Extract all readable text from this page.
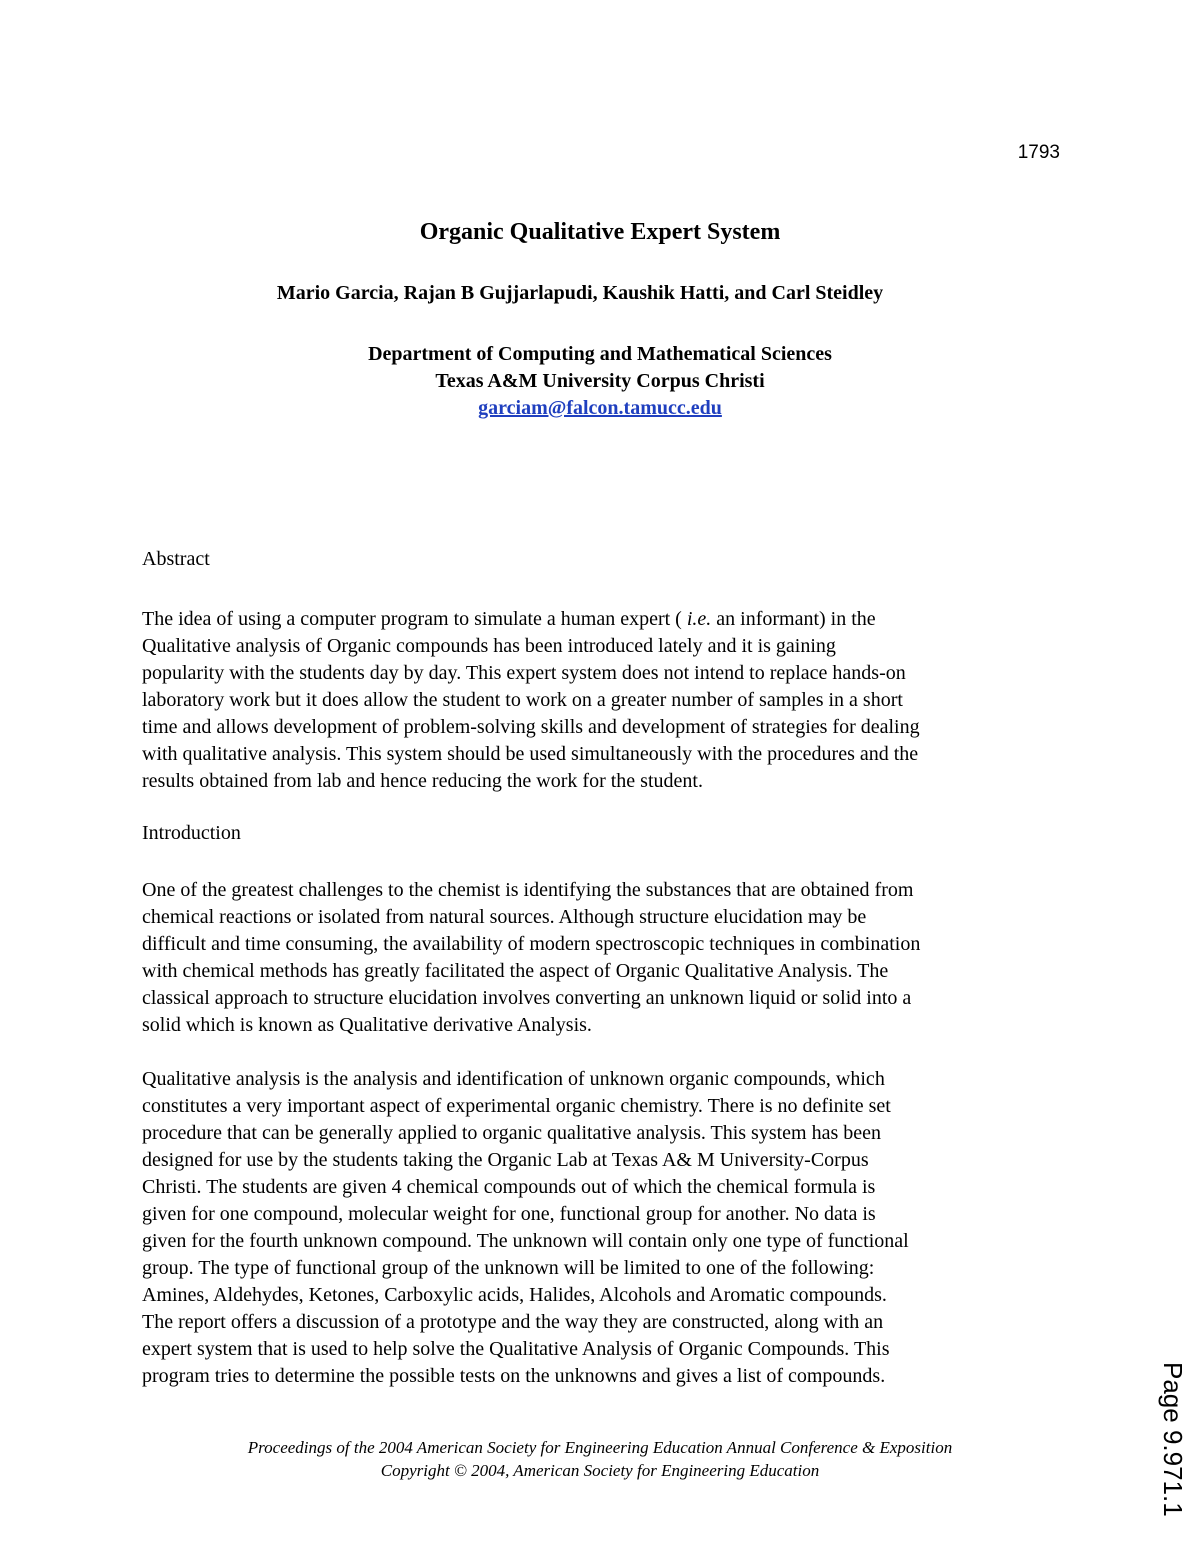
1793
Organic Qualitative Expert System
Mario Garcia, Rajan B Gujjarlapudi, Kaushik Hatti, and Carl Steidley
Department of Computing and Mathematical Sciences
Texas A&M University Corpus Christi
garciam@falcon.tamucc.edu
Abstract
The idea of using a computer program to simulate a human expert ( i.e. an informant) in the
Qualitative analysis of Organic compounds has been introduced lately and it is gaining
popularity with the students day by day. This expert system does not intend to replace hands-on
laboratory work but it does allow the student to work on a greater number of samples in a short
time and allows development of problem-solving skills and development of strategies for dealing
with qualitative analysis. This system should be used simultaneously with the procedures and the
results obtained from lab and hence reducing the work for the student.
Introduction
One of the greatest challenges to the chemist is identifying the substances that are obtained from
chemical reactions or isolated from natural sources. Although structure elucidation may be
difficult and time consuming, the availability of modern spectroscopic techniques in combination
with chemical methods has greatly facilitated the aspect of Organic Qualitative Analysis. The
classical approach to structure elucidation involves converting an unknown liquid or solid into a
solid which is known as Qualitative derivative Analysis.
Qualitative analysis is the analysis and identification of unknown organic compounds, which
constitutes a very important aspect of experimental organic chemistry. There is no definite set
procedure that can be generally applied to organic qualitative analysis. This system has been
designed for use by the students taking the Organic Lab at Texas A& M University-Corpus
Christi. The students are given 4 chemical compounds out of which the chemical formula is
given for one compound, molecular weight for one, functional group for another. No data is
given for the fourth unknown compound. The unknown will contain only one type of functional
group. The type of functional group of the unknown will be limited to one of the following:
Amines, Aldehydes, Ketones, Carboxylic acids, Halides, Alcohols and Aromatic compounds.
The report offers a discussion of a prototype and the way they are constructed, along with an
expert system that is used to help solve the Qualitative Analysis of Organic Compounds. This
program tries to determine the possible tests on the unknowns and gives a list of compounds.
Proceedings of the 2004 American Society for Engineering Education Annual Conference & Exposition
Copyright © 2004, American Society for Engineering Education	Page 9.971.1
